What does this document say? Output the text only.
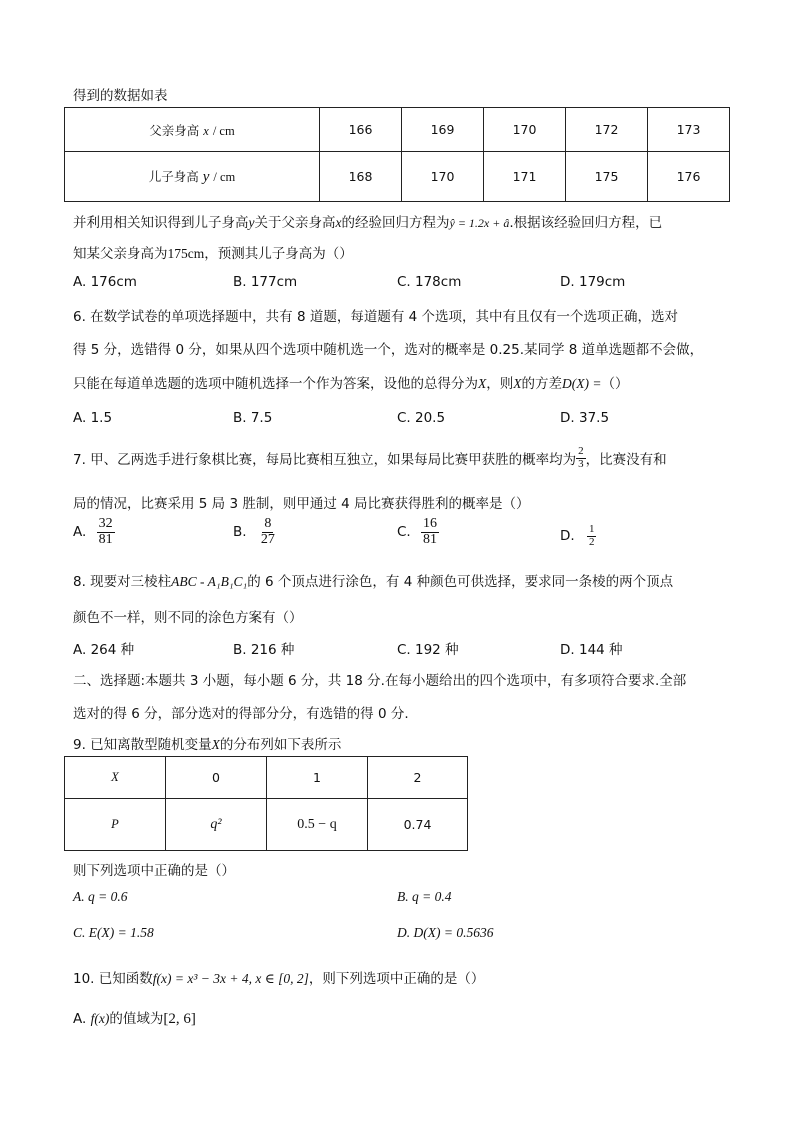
得到的数据如表
父亲身高 x / cm	166	169	170	172	173
儿子身高 y / cm	168	170	171	175	176
并利用相关知识得到儿子身高y关于父亲身高x的经验回归方程为ŷ = 1.2x + â.根据该经验回归方程，已
知某父亲身高为175cm，预测其儿子身高为（）
A. 176cm	B. 177cm	C. 178cm	D. 179cm
6. 在数学试卷的单项选择题中，共有 8 道题，每道题有 4 个选项，其中有且仅有一个选项正确，选对
得 5 分，选错得 0 分，如果从四个选项中随机选一个，选对的概率是 0.25.某同学 8 道单选题都不会做，
只能在每道单选题的选项中随机选择一个作为答案，设他的总得分为X，则X的方差D(X) =（）
A. 1.5	B. 7.5	C. 20.5	D. 37.5
7. 甲、乙两选手进行象棋比赛，每局比赛相互独立，如果每局比赛甲获胜的概率均为 $\frac{2}{3}$ ，比赛没有和
局的情况，比赛采用 5 局 3 胜制，则甲通过 4 局比赛获得胜利的概率是（）
A. $\frac{32}{81}$	B. $\frac{8}{27}$	C. $\frac{16}{81}$	D. $\frac{1}{2}$
8. 现要对三棱柱ABC - A₁B₁C₁的 6 个顶点进行涂色，有 4 种颜色可供选择，要求同一条棱的两个顶点
颜色不一样，则不同的涂色方案有（）
A. 264 种	B. 216 种	C. 192 种	D. 144 种
二、选择题:本题共 3 小题，每小题 6 分，共 18 分.在每小题给出的四个选项中，有多项符合要求.全部
选对的得 6 分，部分选对的得部分分，有选错的得 0 分.
9. 已知离散型随机变量X的分布列如下表所示
X	0	1	2
P	q²	0.5 − q	0.74
则下列选项中正确的是（）
A. q = 0.6	B. q = 0.4
C. E(X) = 1.58	D. D(X) = 0.5636
10. 已知函数f(x) = x³ − 3x + 4, x ∈ [0, 2]，则下列选项中正确的是（）
A. f(x)的值域为[2, 6]
